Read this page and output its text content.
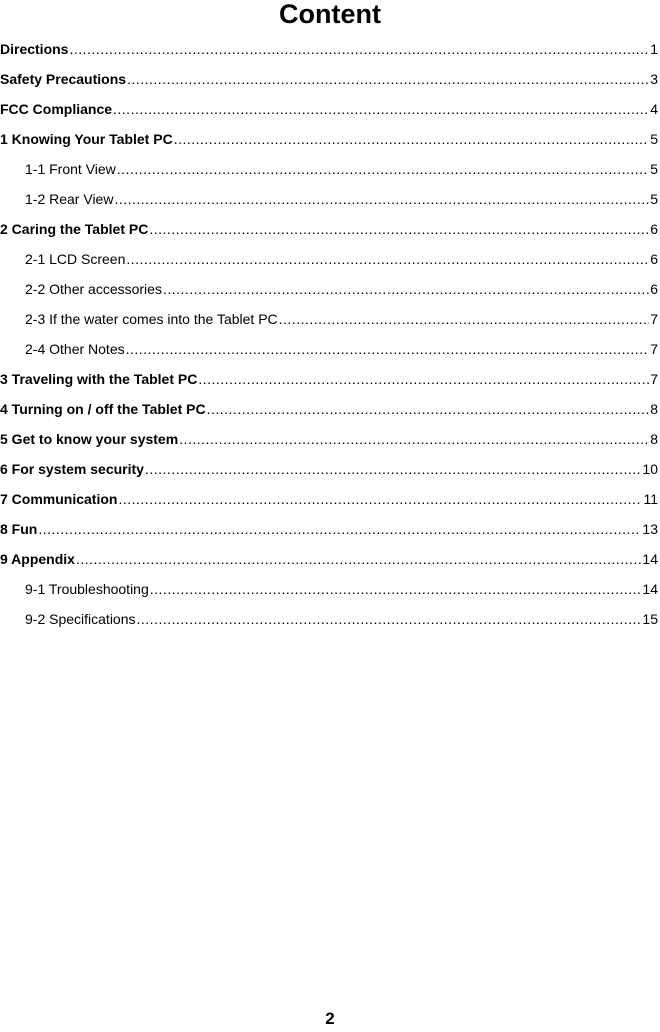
Content
Directions .....	1
Safety Precautions .....	3
FCC Compliance .....	4
1 Knowing Your Tablet PC .....	5
1-1 Front View .....	5
1-2 Rear View .....	5
2 Caring the Tablet PC .....	6
2-1 LCD Screen .....	6
2-2 Other accessories .....	6
2-3 If the water comes into the Tablet PC .....	7
2-4 Other Notes .....	7
3 Traveling with the Tablet PC .....	7
4 Turning on / off the Tablet PC .....	8
5 Get to know your system .....	8
6 For system security .....	10
7 Communication .....	11
8 Fun .....	13
9 Appendix .....	14
9-1 Troubleshooting .....	14
9-2 Specifications .....	15
2
